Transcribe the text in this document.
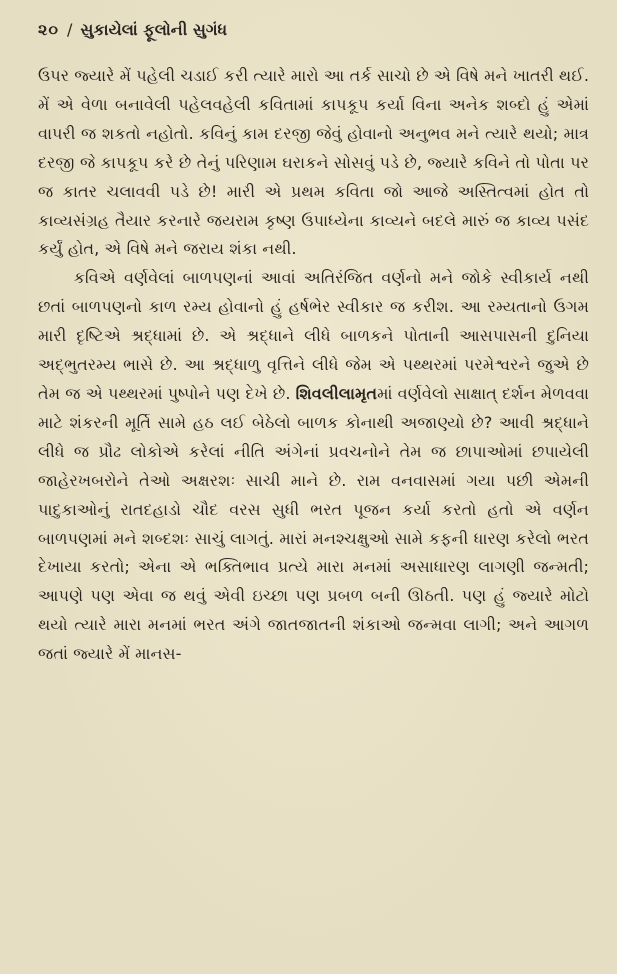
૨૦ / સુકાયેલાં ફૂલોની સુગંધ

ઉપર જ્યારે મેં પહેલી ચડાઈ કરી ત્યારે મારો આ તર્ક સાચો છે એ વિષે મને ખાતરી થઈ. મેં એ વેળા બનાવેલી પહેલવહેલી કવિતામાં કાપકૂપ કર્યા વિના અનેક શબ્દો હું એમાં વાપરી જ શકતો નહોતો. કવિનું કામ દરજી જેવું હોવાનો અનુભવ મને ત્યારે થયો; માત્ર દરજી જે કાપકૂપ કરે છે તેનું પરિણામ ઘરાકને સોસવું પડે છે, જ્યારે કવિને તો પોતા પર જ કાતર ચલાવવી પડે છે! મારી એ પ્રથમ કવિતા જો આજે અસ્તિત્વમાં હોત તો કાવ્યસંગ્રહ તૈયાર કરનારે જયરામ કૃષ્ણ ઉપાધ્યેના કાવ્યને બદલે મારું જ કાવ્ય પસંદ કર્યું હોત, એ વિષે મને જરાય શંકા નથી.

કવિએ વર્ણવેલાં બાળપણનાં આવાં અતિરંજિત વર્ણનો મને જોકે સ્વીકાર્ય નથી છતાં બાળપણનો કાળ રમ્ય હોવાનો હું હર્ષભેર સ્વીકાર જ કરીશ. આ રમ્યતાનો ઉગમ મારી દૃષ્ટિએ શ્રદ્ધામાં છે. એ શ્રદ્ધાને લીધે બાળકને પોતાની આસપાસની દુનિયા અદ્ભુતરમ્ય ભાસે છે. આ શ્રદ્ધાળુ વૃત્તિને લીધે જેમ એ પથ્થરમાં પરમેશ્વરને જુએ છે તેમ જ એ પથ્થરમાં પુષ્પોને પણ દેખે છે. શિવલીલામૃતમાં વર્ણવેલો સાક્ષાત્ દર્શન મેળવવા માટે શંકરની મૂર્તિ સામે હઠ લઈ બેઠેલો બાળક કોનાથી અજાણ્યો છે? આવી શ્રદ્ધાને લીધે જ પ્રૌઢ લોકોએ કરેલાં નીતિ અંગેનાં પ્રવચનોને તેમ જ છાપાઓમાં છપાયેલી જાહેરખબરોને તેઓ અક્ષરશઃ સાચી માને છે. રામ વનવાસમાં ગયા પછી એમની પાદુકાઓનું રાતદહાડો ચૌદ વરસ સુધી ભરત પૂજન કર્યા કરતો હતો એ વર્ણન બાળપણમાં મને શબ્દશઃ સાચું લાગતું. મારાં મનશ્ચક્ષુઓ સામે કફની ધારણ કરેલો ભરત દેખાયા કરતો; એના એ ભક્તિભાવ પ્રત્યે મારા મનમાં અસાધારણ લાગણી જન્મતી; આપણે પણ એવા જ થવું એવી ઇચ્છા પણ પ્રબળ બની ઊઠતી. પણ હું જ્યારે મોટો થયો ત્યારે મારા મનમાં ભરત અંગે જાતજાતની શંકાઓ જન્મવા લાગી; અને આગળ જતાં જ્યારે મેં માનસ-
